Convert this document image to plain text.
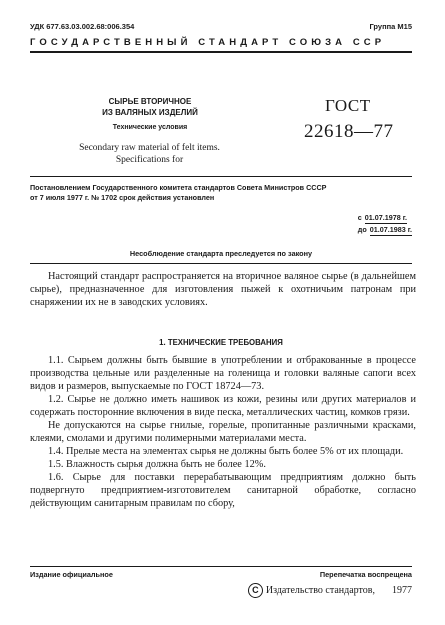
УДК 677.63.03.002.68:006.354	Группа М15
ГОСУДАРСТВЕННЫЙ СТАНДАРТ СОЮЗА ССР
СЫРЬЕ ВТОРИЧНОЕ
ИЗ ВАЛЯНЫХ ИЗДЕЛИЙ
Технические условия
Secondary raw material of felt items.
Specifications for
ГОСТ
22618—77
Постановлением Государственного комитета стандартов Совета Министров СССР
от 7 июля 1977 г. № 1702 срок действия установлен
с 01.07.1978 г.
до 01.07.1983 г.
Несоблюдение стандарта преследуется по закону

Настоящий стандарт распространяется на вторичное валяное сырье (в дальнейшем сырье), предназначенное для изготовления пыжей к охотничьим патронам при снаряжении их не в заводских условиях.

1. ТЕХНИЧЕСКИЕ ТРЕБОВАНИЯ

1.1. Сырьем должны быть бывшие в употреблении и отбракованные в процессе производства цельные или разделенные на голенища и головки валяные сапоги всех видов и размеров, выпускаемые по ГОСТ 18724—73.

1.2. Сырье не должно иметь нашивок из кожи, резины или других материалов и содержать посторонние включения в виде песка, металлических частиц, комков грязи.

Не допускаются на сырье гнилые, горелые, пропитанные различными красками, клеями, смолами и другими полимерными материалами места.

1.4. Прелые места на элементах сырья не должны быть более 5% от их площади.

1.5. Влажность сырья должна быть не более 12%.

1.6. Сырье для поставки перерабатывающим предприятиям должно быть подвергнуто предприятием-изготовителем санитарной обработке, согласно действующим санитарным правилам по сбору,

Издание официальное	Перепечатка воспрещена
C Издательство стандартов, 1977
